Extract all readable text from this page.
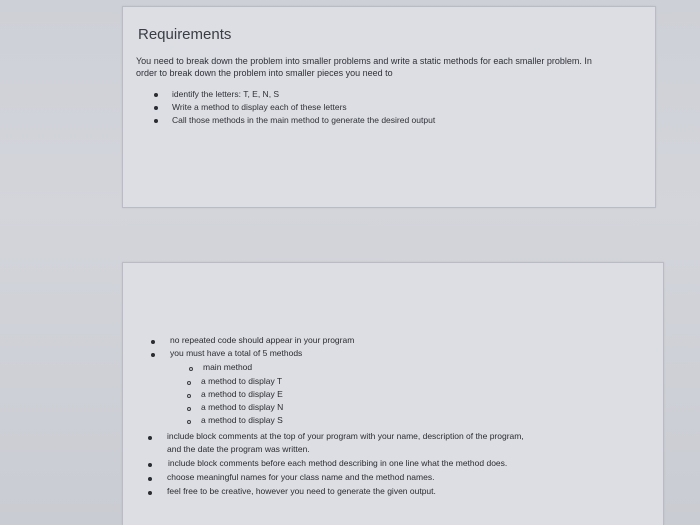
Requirements
You need to break down the problem into smaller problems and write a static methods for each smaller problem. In order to break down the problem into smaller pieces you need to
identify the letters: T, E, N, S
Write a method to display each of these letters
Call those methods in the main method to generate the desired output
no repeated code should appear in your program
you must have a total of 5 methods
main method
a method to display T
a method to display E
a method to display N
a method to display S
include block comments at the top of your program with your name, description of the program,
and the date the program was written.
include block comments before each method describing in one line what the method does.
choose meaningful names for your class name and the method names.
feel free to be creative, however you need to generate the given output.
